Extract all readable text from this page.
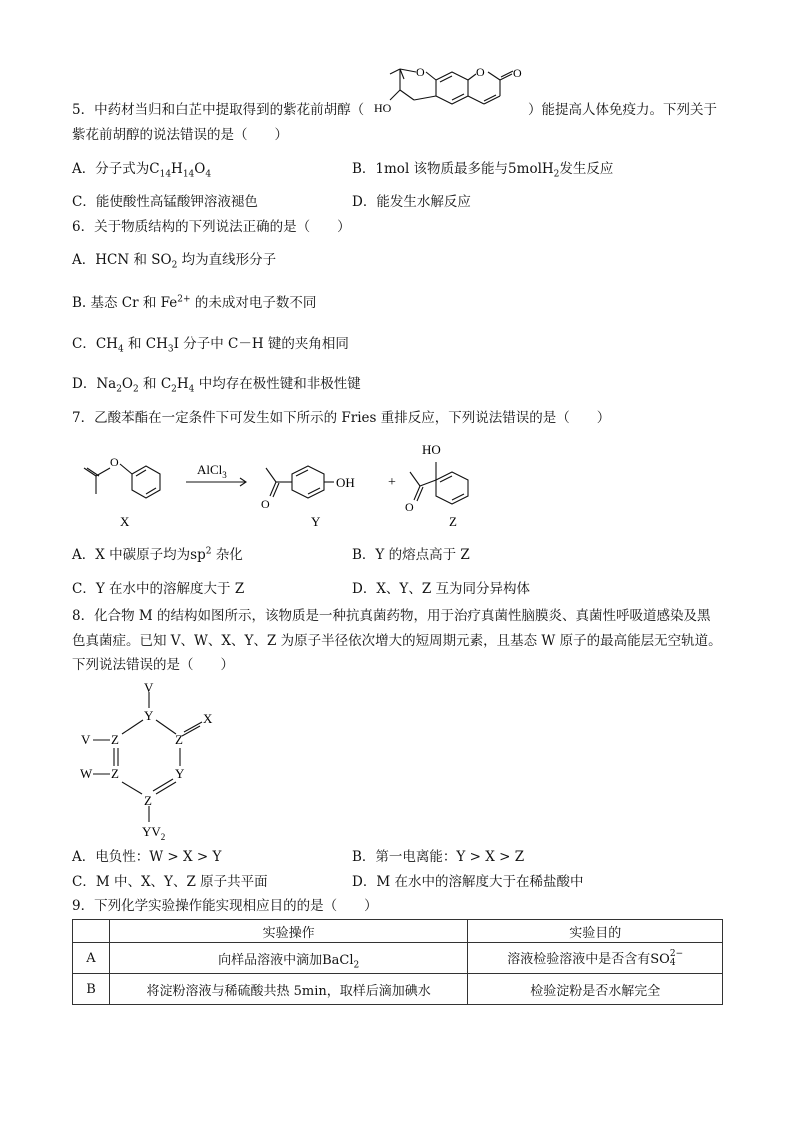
5．中药材当归和白芷中提取得到的紫花前胡醇（
O	O O
HO	）能提高人体免疫力。下列关于
紫花前胡醇的说法错误的是（　　）
A．分子式为$C_{14}H_{14}O_4$	B．1mol 该物质最多能与5molH$_2$发生反应
C．能使酸性高锰酸钾溶液褪色	D．能发生水解反应
6．关于物质结构的下列说法正确的是（　　）
A．HCN 和 $SO_2$ 均为直线形分子
B. 基态 Cr 和 $Fe^{2+}$ 的未成对电子数不同
C．$CH_4$ 和 $CH_3I$ 分子中 C－H 键的夹角相同
D．$Na_2O_2$ 和 $C_2H_4$ 中均存在极性键和非极性键
7．乙酸苯酯在一定条件下可发生如下所示的 Fries 重排反应，下列说法错误的是（　　）
O	AlCl$_3$
O
OH +
O
HO
X	Y	Z
A．X 中碳原子均为$sp^2$ 杂化	B．Y 的熔点高于 Z
C．Y 在水中的溶解度大于 Z	D．X、Y、Z 互为同分异构体
8．化合物 M 的结构如图所示，该物质是一种抗真菌药物，用于治疗真菌性脑膜炎、真菌性呼吸道感染及黑
色真菌症。已知 V、W、X、Y、Z 为原子半径依次增大的短周期元素，且基态 W 原子的最高能层无空轨道。
下列说法错误的是（　　）
V
Y	X
V Z	Z
W Z	Y
Z
$YV_2$
A．电负性：W > X > Y	B．第一电离能：Y > X > Z
C．M 中、X、Y、Z 原子共平面	D．M 在水中的溶解度大于在稀盐酸中
9．下列化学实验操作能实现相应目的的是（　　）
	实验操作	实验目的
A	向样品溶液中滴加BaCl$_2$	溶液检验溶液中是否含有SO 2−
4

B	将淀粉溶液与稀硫酸共热 5min，取样后滴加碘水	检验淀粉是否水解完全
